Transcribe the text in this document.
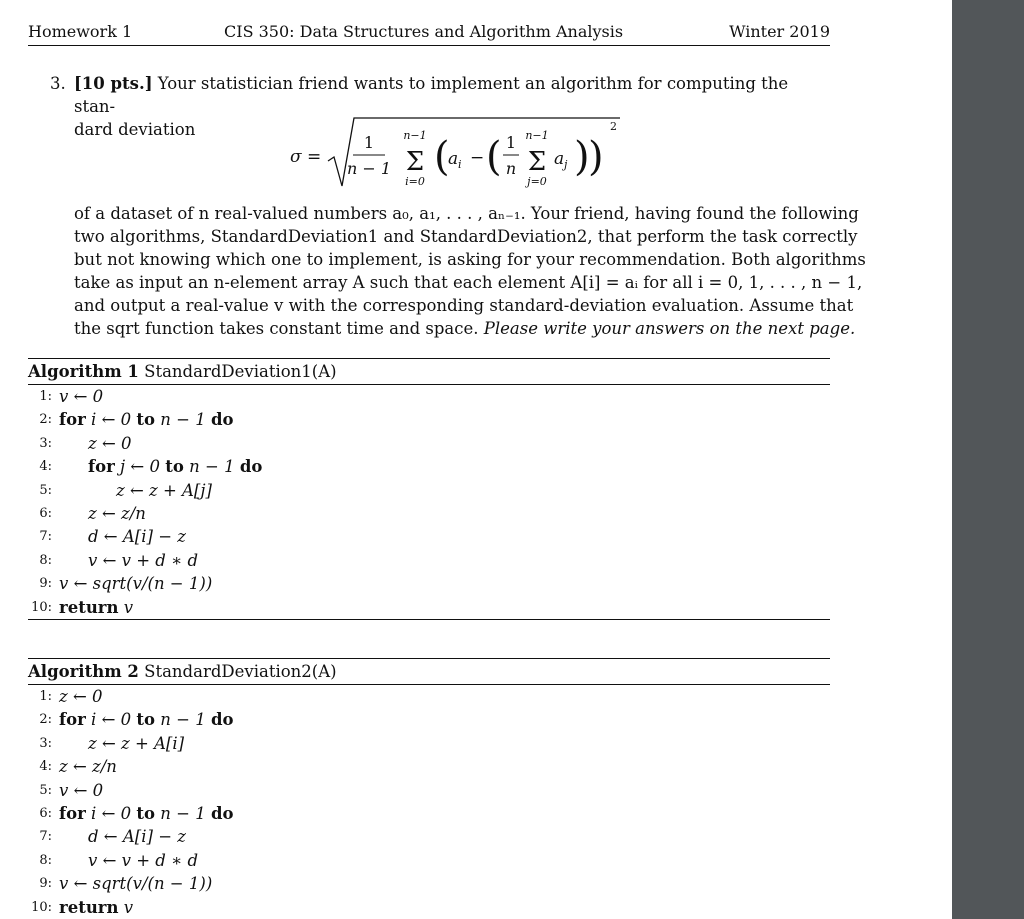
Homework 1	CIS 350: Data Structures and Algorithm Analysis	Winter 2019
3. [10 pts.] Your statistician friend wants to implement an algorithm for computing the stan-
dard deviation
σ =
1
n − 1
n−1
Σ
i=0
(
a i − ( 1
n
n−1
Σ
j=0
a j )
)
2
of a dataset of n real-valued numbers a₀, a₁, . . . , aₙ₋₁. Your friend, having found the following
two algorithms, StandardDeviation1 and StandardDeviation2, that perform the task correctly
but not knowing which one to implement, is asking for your recommendation. Both algorithms
take as input an n-element array A such that each element A[i] = aᵢ for all i = 0, 1, . . . , n − 1,
and output a real-value v with the corresponding standard-deviation evaluation. Assume that
the sqrt function takes constant time and space. Please write your answers on the next page.
Algorithm 1 StandardDeviation1(A)
1: v ← 0
2: for i ← 0 to n − 1 do
3: z ← 0
4: for j ← 0 to n − 1 do
5:	z ← z + A[j]
6: z ← z/n
7: d ← A[i] − z
8: v ← v + d ∗ d
9: v ← sqrt(v/(n − 1))
10: return v
Algorithm 2 StandardDeviation2(A)
1: z ← 0
2: for i ← 0 to n − 1 do
3: z ← z + A[i]
4: z ← z/n
5: v ← 0
6: for i ← 0 to n − 1 do
7: d ← A[i] − z
8: v ← v + d ∗ d
9: v ← sqrt(v/(n − 1))
10: return v
